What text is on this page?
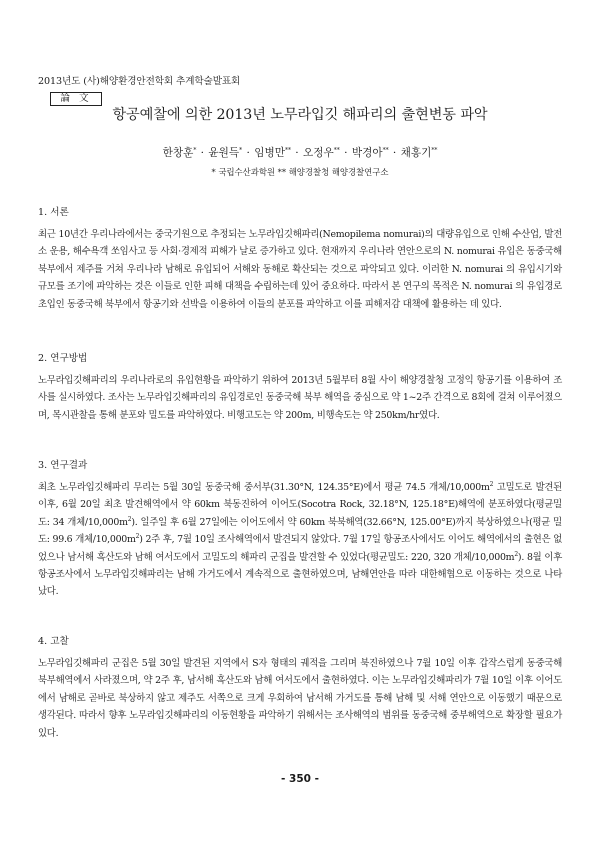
2013년도 (사)해양환경안전학회 추계학술발표회
論 文
항공예찰에 의한 2013년 노무라입깃 해파리의 출현변동 파악
한창훈* · 윤원득* · 임병만** · 오정우** · 박경아** · 채홍기**
* 국립수산과학원 ** 해양경찰청 해양경찰연구소
1. 서론

최근 10년간 우리나라에서는 중국기원으로 추정되는 노무라입깃해파리(Nemopilema nomurai)의 대량유입으로 인해 수산업, 발전소 운용, 해수욕객 쏘임사고 등 사회·경제적 피해가 날로 증가하고 있다. 현재까지 우리나라 연안으로의 N. nomurai 유입은 동중국해 북부에서 제주를 거쳐 우리나라 남해로 유입되어 서해와 동해로 확산되는 것으로 파악되고 있다. 이러한 N. nomurai 의 유입시기와 규모를 조기에 파악하는 것은 이들로 인한 피해 대책을 수립하는데 있어 중요하다. 따라서 본 연구의 목적은 N. nomurai 의 유입경로 초입인 동중국해 북부에서 항공기와 선박을 이용하여 이들의 분포를 파악하고 이를 피해저감 대책에 활용하는 데 있다.

2. 연구방법

노무라입깃해파리의 우리나라로의 유입현황을 파악하기 위하여 2013년 5월부터 8월 사이 해양경찰청 고정익 항공기를 이용하여 조사를 실시하였다. 조사는 노무라입깃해파리의 유입경로인 동중국해 북부 해역을 중심으로 약 1~2주 간격으로 8회에 걸쳐 이루어졌으며, 목시관찰을 통해 분포와 밀도를 파악하였다. 비행고도는 약 200m, 비행속도는 약 250km/hr였다.

3. 연구결과

최초 노무라입깃해파리 무리는 5월 30일 동중국해 중서부(31.30°N, 124.35°E)에서 평균 74.5 개체$/10,000m^2$ 고밀도로 발견된 이후, 6월 20일 최초 발견해역에서 약 60km 북동진하여 이어도(Socotra Rock, 32.18°N, 125.18°E)해역에 분포하였다(평균밀도: 34 개체$/10,000m^2$). 일주일 후 6월 27일에는 이어도에서 약 60km 북북해역(32.66°N, 125.00°E)까지 북상하였으나(평균 밀도: 99.6 개체$/10,000m^2$) 2주 후, 7월 10일 조사해역에서 발견되지 않았다. 7월 17일 항공조사에서도 이어도 해역에서의 출현은 없었으나 남서해 흑산도와 남해 여서도에서 고밀도의 해파리 군집을 발견할 수 있었다(평균밀도: 220, 320 개체$/10,000m^2$). 8월 이후 항공조사에서 노무라입깃해파리는 남해 가거도에서 계속적으로 출현하였으며, 남해연안을 따라 대한해협으로 이동하는 것으로 나타났다.

4. 고찰

노무라입깃해파리 군집은 5월 30일 발견된 지역에서 S자 형태의 궤적을 그리며 북진하였으나 7월 10일 이후 갑작스럽게 동중국해 북부해역에서 사라졌으며, 약 2주 후, 남서해 흑산도와 남해 여서도에서 출현하였다. 이는 노무라입깃해파리가 7월 10일 이후 이어도에서 남해로 곧바로 북상하지 않고 제주도 서쪽으로 크게 우회하여 남서해 가거도를 통해 남해 및 서해 연안으로 이동했기 때문으로 생각된다. 따라서 향후 노무라입깃해파리의 이동현황을 파악하기 위해서는 조사해역의 범위를 동중국해 중부해역으로 확장할 필요가 있다.

- 350 -
